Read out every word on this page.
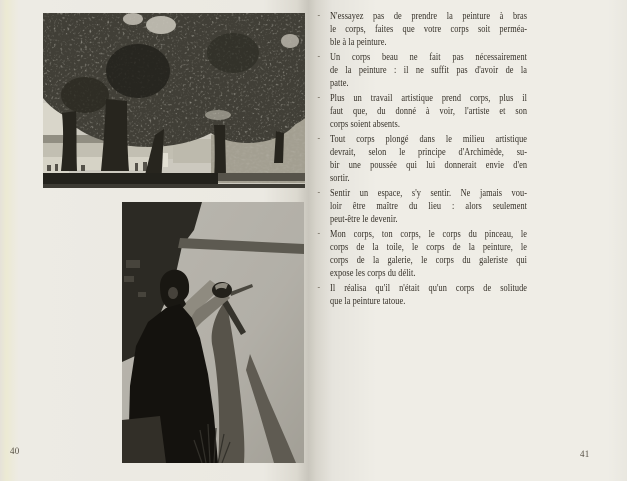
40
- N'essayez pas de prendre la peinture à bras
le corps, faites que votre corps soit perméa-
ble à la peinture.
- Un corps beau ne fait pas nécessairement
de la peinture : il ne suffit pas d'avoir de la
patte.
- Plus un travail artistique prend corps, plus il
faut que, du donné à voir, l'artiste et son
corps soient absents.
- Tout corps plongé dans le milieu artistique
devrait, selon le principe d'Archimède, su-
bir une poussée qui lui donnerait envie d'en
sortir.
- Sentir un espace, s'y sentir. Ne jamais vou-
loir être maître du lieu : alors seulement
peut-être le devenir.
- Mon corps, ton corps, le corps du pinceau, le
corps de la toile, le corps de la peinture, le
corps de la galerie, le corps du galeriste qui
expose les corps du délit.
- Il réalisa qu'il n'était qu'un corps de solitude
que la peinture tatoue.
41
